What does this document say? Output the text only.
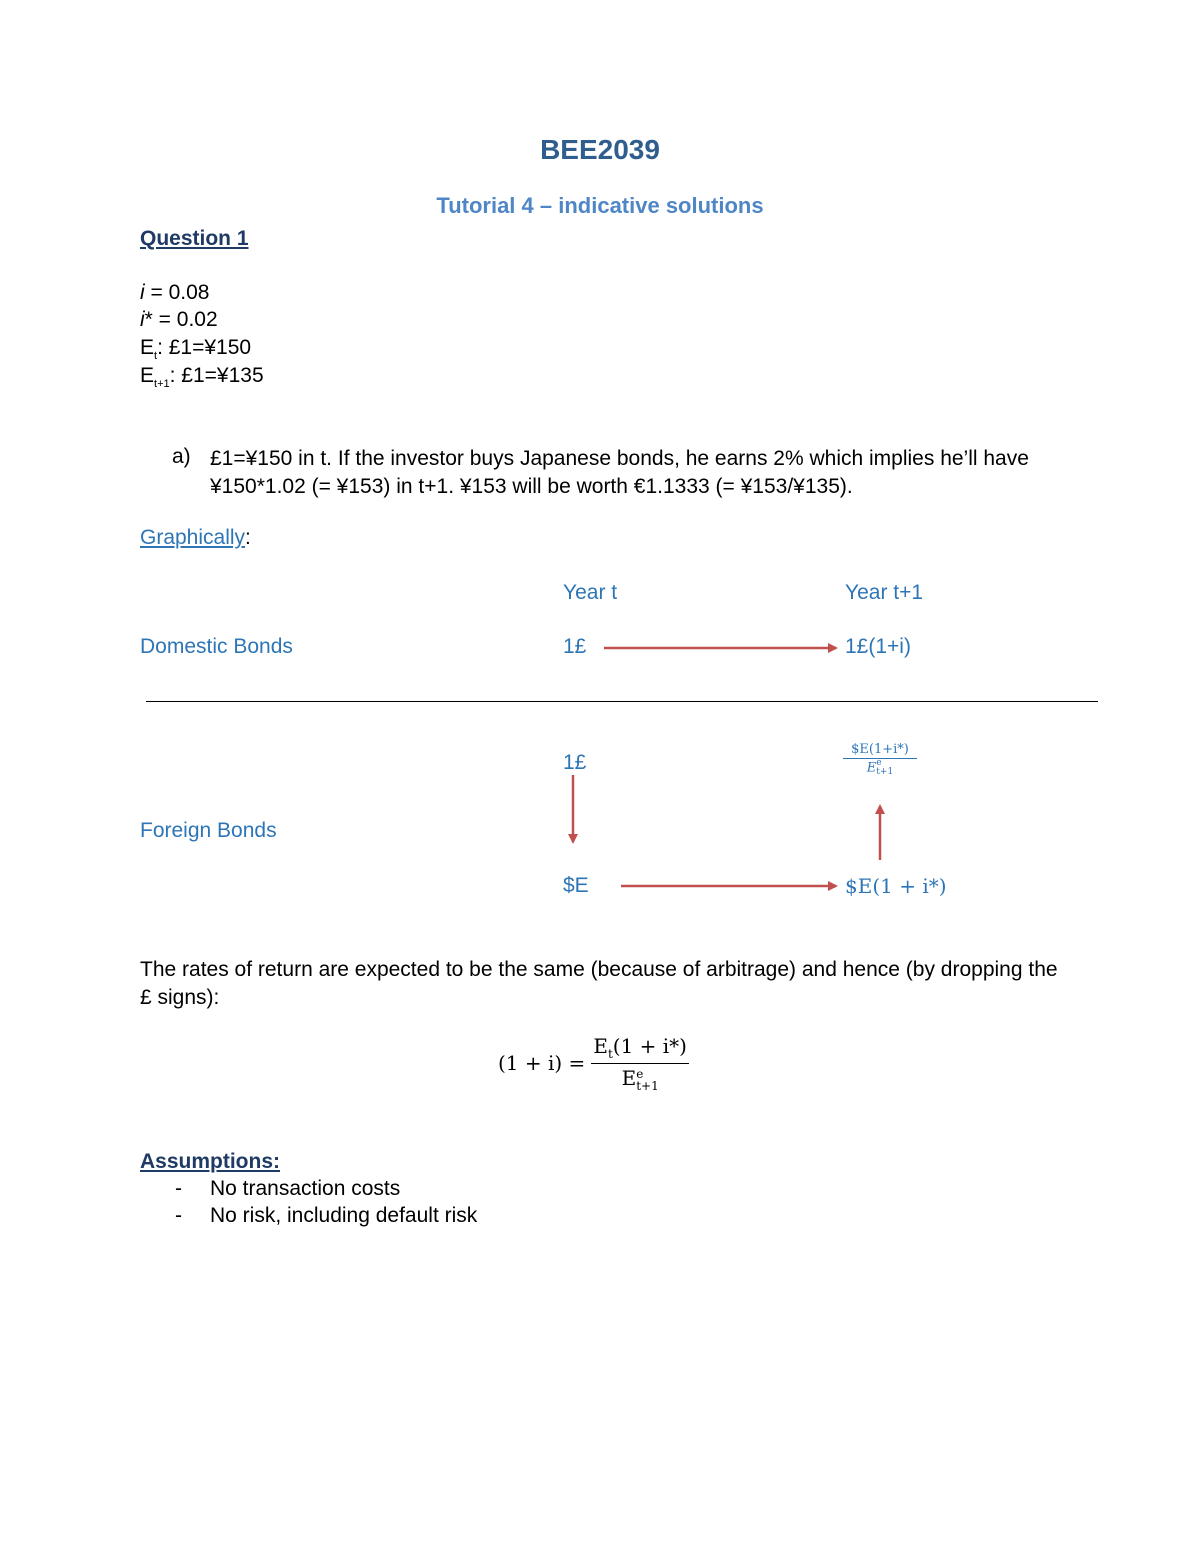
BEE2039
Tutorial 4 – indicative solutions
Question 1
i = 0.08
i* = 0.02
$E_t$: £1=¥150
$E_{t+1}$: £1=¥135
a) £1=¥150 in t. If the investor buys Japanese bonds, he earns 2% which implies he’ll have ¥150*1.02 (= ¥153) in t+1. ¥153 will be worth €1.1333 (= ¥153/¥135).
Graphically:
Year t	Year t+1
Domestic Bonds	1£	1£(1+i)
1£
$E(1+i*)
E e
t+1
Foreign Bonds
$E	$E(1 + i*)
The rates of return are expected to be the same (because of arbitrage) and hence (by dropping the £ signs):
(1 + i) =
$E_t(1 + i*)$
E e
t+1
Assumptions:
- No transaction costs
- No risk, including default risk
